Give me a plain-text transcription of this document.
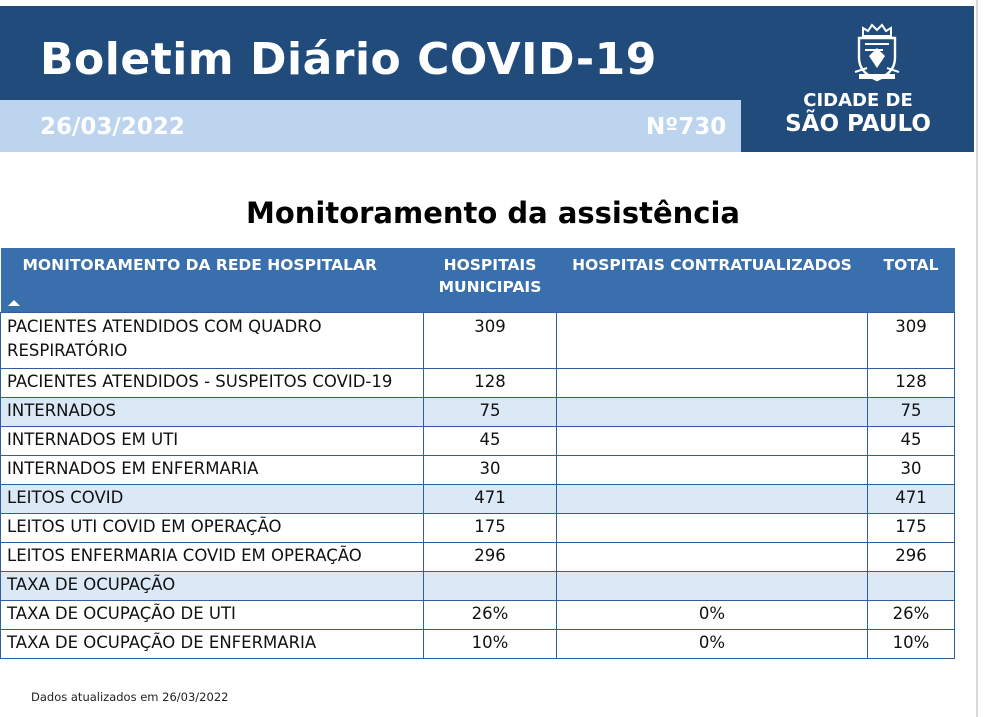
Boletim Diário COVID-19
26/03/2022	Nº730
CIDADE DE
SÃO PAULO
Monitoramento da assistência
MONITORAMENTO DA REDE HOSPITALAR	HOSPITAIS MUNICIPAIS	HOSPITAIS CONTRATUALIZADOS	TOTAL
PACIENTES ATENDIDOS COM QUADRO RESPIRATÓRIO	309		309
PACIENTES ATENDIDOS - SUSPEITOS COVID-19	128		128
INTERNADOS	75		75
INTERNADOS EM UTI	45		45
INTERNADOS EM ENFERMARIA	30		30
LEITOS COVID	471		471
LEITOS UTI COVID EM OPERAÇÃO	175		175
LEITOS ENFERMARIA COVID EM OPERAÇÃO	296		296
TAXA DE OCUPAÇÃO			
TAXA DE OCUPAÇÃO DE UTI	26%	0%	26%
TAXA DE OCUPAÇÃO DE ENFERMARIA	10%	0%	10%
Dados atualizados em 26/03/2022
